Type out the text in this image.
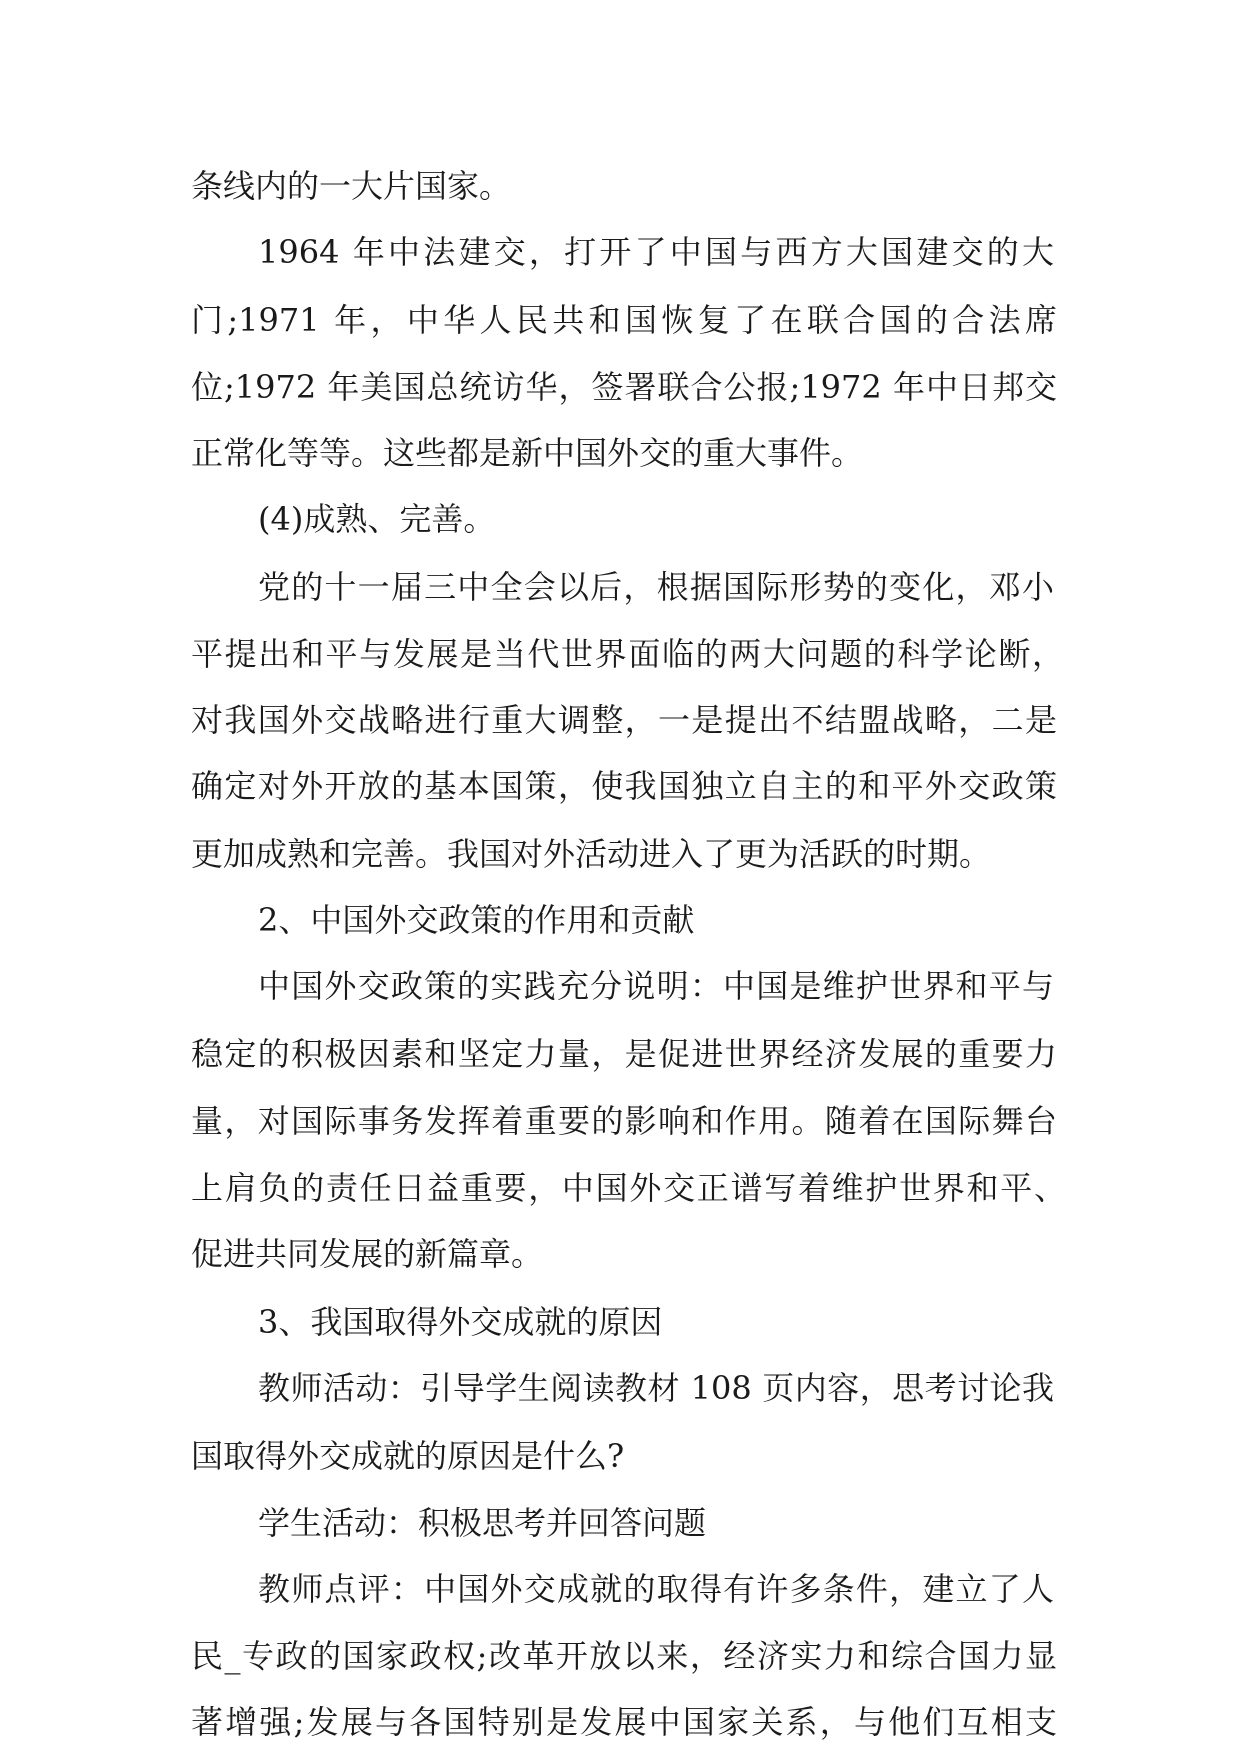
条线内的一大片国家。
1964 年中法建交，打开了中国与西方大国建交的大
门;1971 年，中华人民共和国恢复了在联合国的合法席
位;1972 年美国总统访华，签署联合公报;1972 年中日邦交
正常化等等。这些都是新中国外交的重大事件。
(4)成熟、完善。
党的十一届三中全会以后，根据国际形势的变化，邓小
平提出和平与发展是当代世界面临的两大问题的科学论断，
对我国外交战略进行重大调整，一是提出不结盟战略，二是
确定对外开放的基本国策，使我国独立自主的和平外交政策
更加成熟和完善。我国对外活动进入了更为活跃的时期。
2、中国外交政策的作用和贡献
中国外交政策的实践充分说明：中国是维护世界和平与
稳定的积极因素和坚定力量，是促进世界经济发展的重要力
量，对国际事务发挥着重要的影响和作用。随着在国际舞台
上肩负的责任日益重要，中国外交正谱写着维护世界和平、
促进共同发展的新篇章。
3、我国取得外交成就的原因
教师活动：引导学生阅读教材 108 页内容，思考讨论我
国取得外交成就的原因是什么?
学生活动：积极思考并回答问题
教师点评：中国外交成就的取得有许多条件，建立了人
民_专政的国家政权;改革开放以来，经济实力和综合国力显
著增强;发展与各国特别是发展中国家关系，与他们互相支
